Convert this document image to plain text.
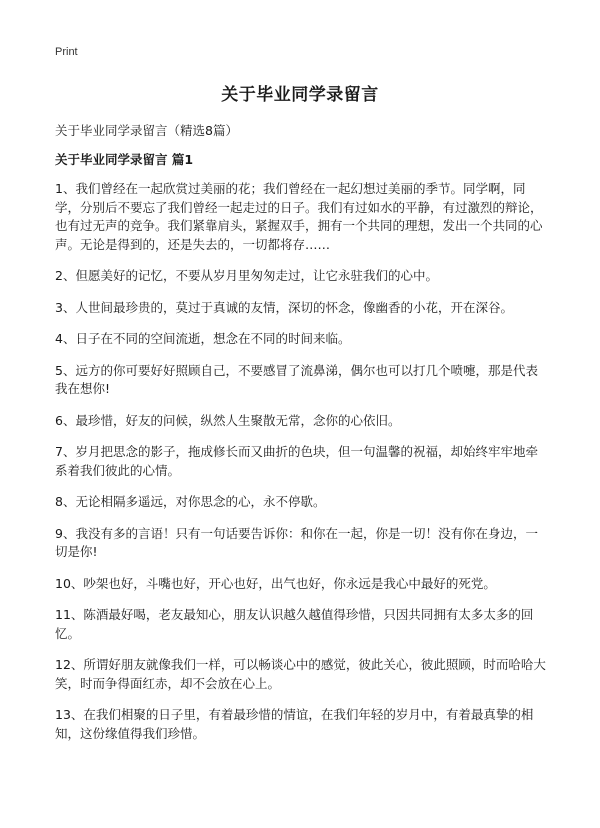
Print
关于毕业同学录留言

关于毕业同学录留言（精选8篇）

关于毕业同学录留言 篇1
1、我们曾经在一起欣赏过美丽的花；我们曾经在一起幻想过美丽的季节。同学啊，同学，分别后不要忘了我们曾经一起走过的日子。我们有过如水的平静，有过激烈的辩论，也有过无声的竞争。我们紧靠肩头，紧握双手，拥有一个共同的理想，发出一个共同的心声。无论是得到的，还是失去的，一切都将存……
2、但愿美好的记忆，不要从岁月里匆匆走过，让它永驻我们的心中。
3、人世间最珍贵的，莫过于真诚的友情，深切的怀念，像幽香的小花，开在深谷。
4、日子在不同的空间流逝，想念在不同的时间来临。
5、远方的你可要好好照顾自己，不要感冒了流鼻涕，偶尔也可以打几个喷嚏，那是代表我在想你!
6、最珍惜，好友的问候，纵然人生聚散无常，念你的心依旧。
7、岁月把思念的影子，拖成修长而又曲折的色块，但一句温馨的祝福，却始终牢牢地牵系着我们彼此的心情。
8、无论相隔多遥远，对你思念的心，永不停歇。
9、我没有多的言语！只有一句话要告诉你：和你在一起，你是一切！没有你在身边，一切是你!
10、吵架也好，斗嘴也好，开心也好，出气也好，你永远是我心中最好的死党。
11、陈酒最好喝，老友最知心，朋友认识越久越值得珍惜，只因共同拥有太多太多的回忆。
12、所谓好朋友就像我们一样，可以畅谈心中的感觉，彼此关心，彼此照顾，时而哈哈大笑，时而争得面红赤，却不会放在心上。
13、在我们相聚的日子里，有着最珍惜的情谊，在我们年轻的岁月中，有着最真挚的相知，这份缘值得我们珍惜。
